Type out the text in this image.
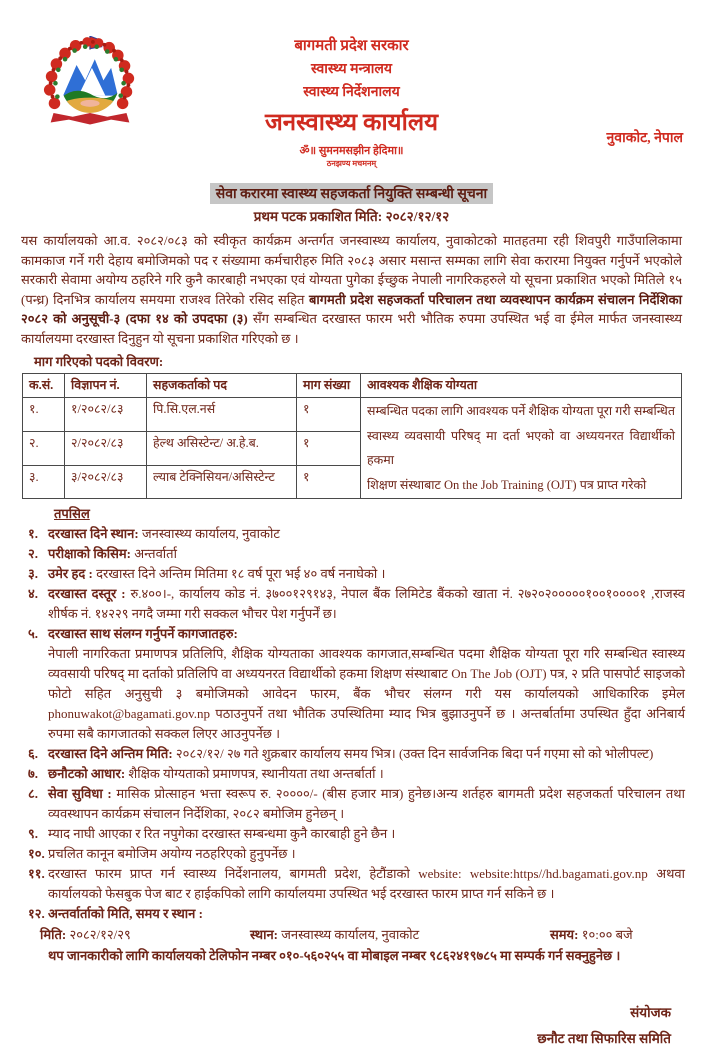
बागमती प्रदेश सरकार
स्वास्थ्य मन्त्रालय
स्वास्थ्य निर्देशनालय
जनस्वास्थ्य कार्यालय
ॐ॥ सुमनमसझीन हेदिमा॥
ठनझण्य मचमनम्
नुवाकोट, नेपाल
सेवा करारमा स्वास्थ्य सहजकर्ता नियुक्ति सम्बन्धी सूचना
प्रथम पटक प्रकाशित मिति: २०८२/१२/१२

यस कार्यालयको आ.व. २०८२/०८३ को स्वीकृत कार्यक्रम अन्तर्गत जनस्वास्थ्य कार्यालय, नुवाकोटको मातहतमा रही शिवपुरी गाउँपालिकामा कामकाज गर्ने गरी देहाय बमोजिमको पद र संख्यामा कर्मचारीहरु मिति २०८३ असार मसान्त सम्मका लागि सेवा करारमा नियुक्त गर्नुपर्ने भएकोले सरकारी सेवामा अयोग्य ठहरिने गरि कुनै कारबाही नभएका एवं योग्यता पुगेका ईच्छुक नेपाली नागरिकहरुले यो सूचना प्रकाशित भएको मितिले १५ (पन्ध्र) दिनभित्र कार्यालय समयमा राजश्व तिरेको रसिद सहित बागमती प्रदेश सहजकर्ता परिचालन तथा व्यवस्थापन कार्यक्रम संचालन निर्देशिका २०८२ को अनुसूची-३ (दफा १४ को उपदफा (३) सँग सम्बन्धित दरखास्त फारम भरी भौतिक रुपमा उपस्थित भई वा ईमेल मार्फत जनस्वास्थ्य कार्यालयमा दरखास्त दिनुहुन यो सूचना प्रकाशित गरिएको छ ।

माग गरिएको पदको विवरण:
क.सं.	विज्ञापन नं.	सहजकर्ताको पद	माग संख्या	आवश्यक शैक्षिक योग्यता
१.	१/२०८२/८३	पि.सि.एल.नर्स	१	सम्बन्धित पदका लागि आवश्यक पर्ने शैक्षिक योग्यता पूरा गरी सम्बन्धित
स्वास्थ्य व्यवसायी परिषद् मा दर्ता भएको वा अध्ययनरत विद्यार्थीको हकमा
शिक्षण संस्थाबाट On the Job Training (OJT) पत्र प्राप्त गरेको

२.	२/२०८२/८३	हेल्थ असिस्टेन्ट/ अ.हे.ब.	१	
३.	३/२०८२/८३	ल्याब टेक्निसियन/असिस्टेन्ट	१	
तपसिल
१. दरखास्त दिने स्थान: जनस्वास्थ्य कार्यालय, नुवाकोट
२. परीक्षाको किसिम: अन्तर्वार्ता
३. उमेर हद : दरखास्त दिने अन्तिम मितिमा १८ वर्ष पूरा भई ४० वर्ष ननाघेको ।
४. दरखास्त दस्तूर : रु.४००।-, कार्यालय कोड नं. ३७००१२९१४३, नेपाल बैंक लिमिटेड बैंकको खाता नं. २७२०२०००००१००१००००१ ,राजस्व शीर्षक नं. १४२२९ नगदै जम्मा गरी सक्कल भौचर पेश गर्नुपर्नें छ।
५. दरखास्त साथ संलग्न गर्नुपर्ने कागजातहरु:
नेपाली नागरिकता प्रमाणपत्र प्रतिलिपि, शैक्षिक योग्यताका आवश्यक कागजात,सम्बन्धित पदमा शैक्षिक योग्यता पूरा गरि सम्बन्धित स्वास्थ्य व्यवसायी परिषद् मा दर्ताको प्रतिलिपि वा अध्ययनरत विद्यार्थीको हकमा शिक्षण संस्थाबाट On The Job (OJT) पत्र, २ प्रति पासपोर्ट साइजको फोटो सहित अनुसुची ३ बमोजिमको आवेदन फारम, बैंक भौचर संलग्न गरी यस कार्यालयको आधिकारिक इमेल phonuwakot@bagamati.gov.np पठाउनुपर्ने तथा भौतिक उपस्थितिमा म्याद भित्र बुझाउनुपर्ने छ । अन्तर्बार्तामा उपस्थित हुँदा अनिबार्य रुपमा सबै कागजातको सक्कल लिएर आउनुपर्नेछ ।
६. दरखास्त दिने अन्तिम मिति: २०८२/१२/ २७ गते शुक्रबार कार्यालय समय भित्र। (उक्त दिन सार्वजनिक बिदा पर्न गएमा सो को भोलीपल्ट)
७. छनौटको आधार: शैक्षिक योग्यताको प्रमाणपत्र, स्थानीयता तथा अन्तर्बार्ता ।
८. सेवा सुविधा : मासिक प्रोत्साहन भत्ता स्वरूप रु. २००००/- (बीस हजार मात्र) हुनेछ।अन्य शर्तहरु बागमती प्रदेश सहजकर्ता परिचालन तथा व्यवस्थापन कार्यक्रम संचालन निर्देशिका, २०८२ बमोजिम हुनेछन् ।
९. म्याद नाघी आएका र रित नपुगेका दरखास्त सम्बन्धमा कुनै कारबाही हुने छैन ।
१०. प्रचलित कानून बमोजिम अयोग्य नठहरिएको हुनुपर्नेछ ।
११. दरखास्त फारम प्राप्त गर्न स्वास्थ्य निर्देशनालय, बागमती प्रदेश, हेटौंडाको website: website:https//hd.bagamati.gov.np अथवा कार्यालयको फेसबुक पेज बाट र हाईकपिको लागि कार्यालयमा उपस्थित भई दरखास्त फारम प्राप्त गर्न सकिने छ ।
१२. अन्तर्वार्ताको मिति, समय र स्थान :
मिति: २०८२/१२/२९	स्थान: जनस्वास्थ्य कार्यालय, नुवाकोट	समय: १०:०० बजे
थप जानकारीको लागि कार्यालयको टेलिफोन नम्बर ०१०-५६०२५५ वा मोबाइल नम्बर ९८६२४१९७८५ मा सम्पर्क गर्न सक्नुहुनेछ ।
संयोजक
छनौट तथा सिफारिस समिति
